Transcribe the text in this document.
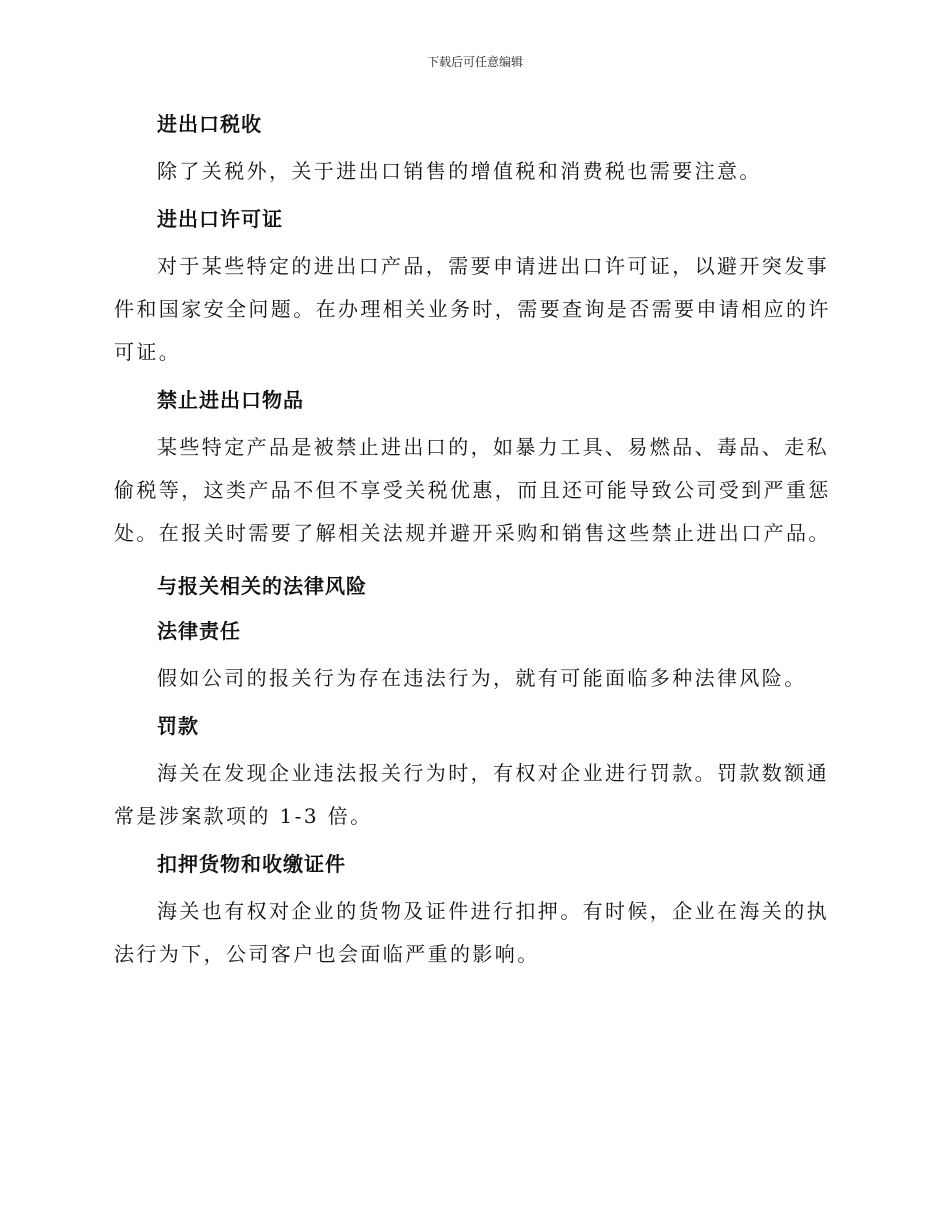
下载后可任意编辑
进出口税收

除了关税外，关于进出口销售的增值税和消费税也需要注意。

进出口许可证

对于某些特定的进出口产品，需要申请进出口许可证，以避开突发事件和国家安全问题。在办理相关业务时，需要查询是否需要申请相应的许可证。

禁止进出口物品

某些特定产品是被禁止进出口的，如暴力工具、易燃品、毒品、走私偷税等，这类产品不但不享受关税优惠，而且还可能导致公司受到严重惩处。在报关时需要了解相关法规并避开采购和销售这些禁止进出口产品。

与报关相关的法律风险
法律责任

假如公司的报关行为存在违法行为，就有可能面临多种法律风险。

罚款

海关在发现企业违法报关行为时，有权对企业进行罚款。罚款数额通常是涉案款项的 1-3 倍。

扣押货物和收缴证件

海关也有权对企业的货物及证件进行扣押。有时候，企业在海关的执法行为下，公司客户也会面临严重的影响。
